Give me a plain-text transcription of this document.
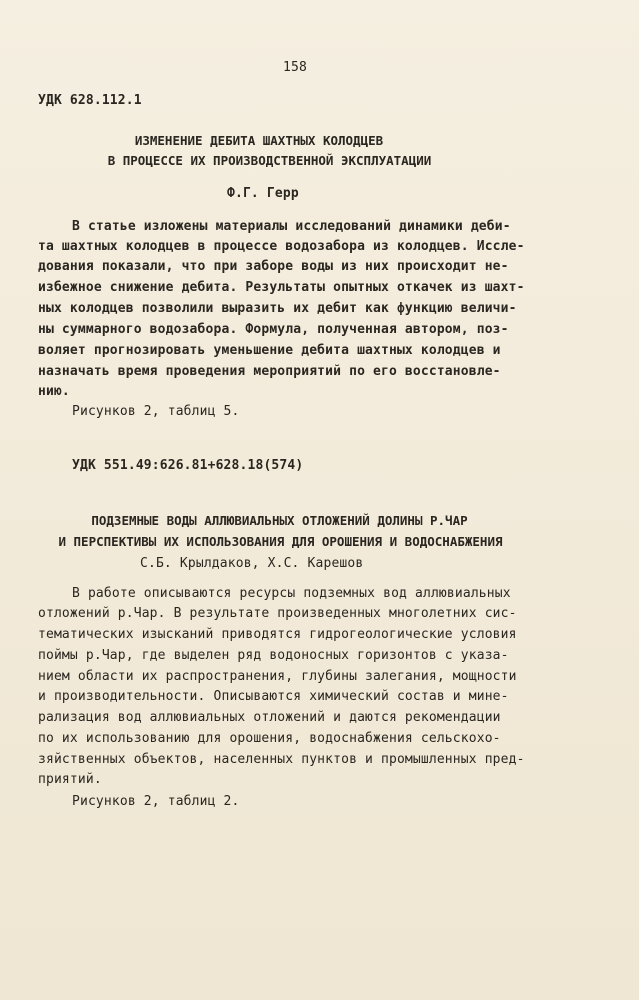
158
УДК 628.112.1
ИЗМЕНЕНИЕ ДЕБИТА ШАХТНЫХ КОЛОДЦЕВ
В ПРОЦЕССЕ ИХ ПРОИЗВОДСТВЕННОЙ ЭКСПЛУАТАЦИИ
Ф.Г. Герр
В статье изложены материалы исследований динамики деби-
та шахтных колодцев в процессе водозабора из колодцев. Иссле-
дования показали, что при заборе воды из них происходит не-
избежное снижение дебита. Результаты опытных откачек из шахт-
ных колодцев позволили выразить их дебит как функцию величи-
ны суммарного водозабора. Формула, полученная автором, поз-
воляет прогнозировать уменьшение дебита шахтных колодцев и
назначать время проведения мероприятий по его восстановле-
нию.
Рисунков 2, таблиц 5.
УДК 551.49:626.81+628.18(574)
ПОДЗЕМНЫЕ ВОДЫ АЛЛЮВИАЛЬНЫХ ОТЛОЖЕНИЙ ДОЛИНЫ Р.ЧАР
И ПЕРСПЕКТИВЫ ИХ ИСПОЛЬЗОВАНИЯ ДЛЯ ОРОШЕНИЯ И ВОДОСНАБЖЕНИЯ
С.Б. Крылдаков, Х.С. Карешов
В работе описываются ресурсы подземных вод аллювиальных
отложений р.Чар. В результате произведенных многолетних сис-
тематических изысканий приводятся гидрогеологические условия
поймы р.Чар, где выделен ряд водоносных горизонтов с указа-
нием области их распространения, глубины залегания, мощности
и производительности. Описываются химический состав и мине-
рализация вод аллювиальных отложений и даются рекомендации
по их использованию для орошения, водоснабжения сельскохо-
зяйственных объектов, населенных пунктов и промышленных пред-
приятий.
Рисунков 2, таблиц 2.
